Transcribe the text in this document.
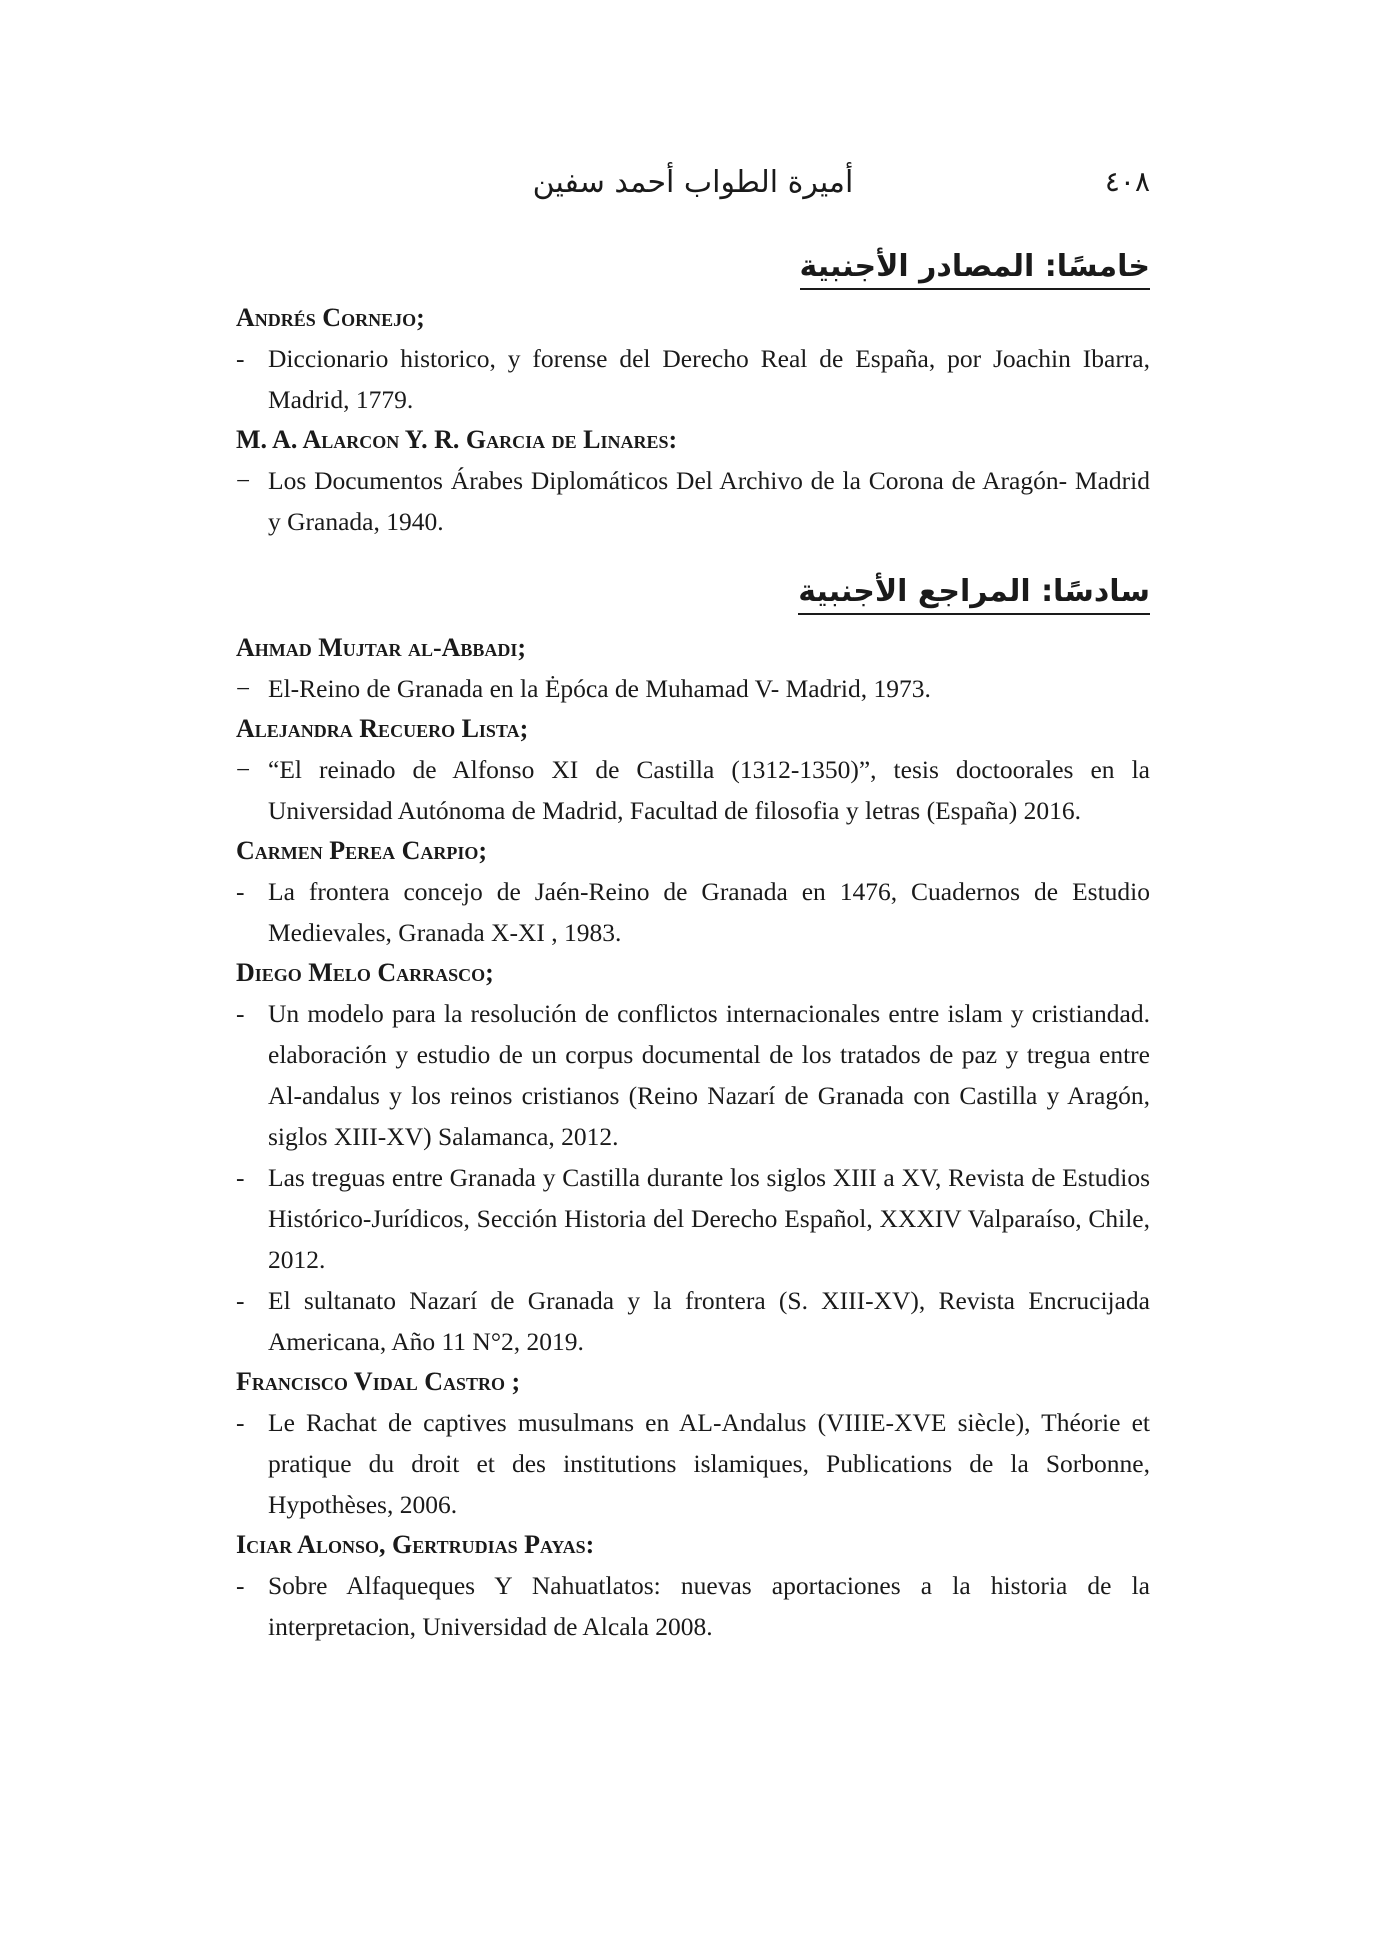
أميرة الطواب أحمد سفين	٤٠٨
خامسًا: المصادر الأجنبية

Andrés Cornejo;

- Diccionario historico, y forense del Derecho Real de España, por Joachin Ibarra, Madrid, 1779.

M. A. Alarcon Y. R. Garcia de Linares:

− Los Documentos Árabes Diplomáticos Del Archivo de la Corona de Aragón- Madrid y Granada, 1940.

سادسًا: المراجع الأجنبية

Ahmad Mujtar al-Abbadi;

− El-Reino de Granada en la Ėpóca de Muhamad V- Madrid, 1973.

Alejandra Recuero Lista;

− “El reinado de Alfonso XI de Castilla (1312-1350)”, tesis doctoorales en la Universidad Autónoma de Madrid, Facultad de filosofia y letras (España) 2016.

Carmen Perea Carpio;

- La frontera concejo de Jaén-Reino de Granada en 1476, Cuadernos de Estudio Medievales, Granada X-XI , 1983.

Diego Melo Carrasco;

- Un modelo para la resolución de conflictos internacionales entre islam y cristiandad. elaboración y estudio de un corpus documental de los tratados de paz y tregua entre Al-andalus y los reinos cristianos (Reino Nazarí de Granada con Castilla y Aragón, siglos XIII-XV) Salamanca, 2012.

- Las treguas entre Granada y Castilla durante los siglos XIII a XV, Revista de Estudios Histórico-Jurídicos, Sección Historia del Derecho Español, XXXIV Valparaíso, Chile, 2012.

- El sultanato Nazarí de Granada y la frontera (S. XIII-XV), Revista Encrucijada Americana, Año 11 N°2, 2019.

Francisco Vidal Castro ;

- Le Rachat de captives musulmans en AL-Andalus (VIIIE-XVE siècle), Théorie et pratique du droit et des institutions islamiques, Publications de la Sorbonne, Hypothèses, 2006.

Iciar Alonso, Gertrudias Payas:

- Sobre Alfaqueques Y Nahuatlatos: nuevas aportaciones a la historia de la interpretacion, Universidad de Alcala 2008.
